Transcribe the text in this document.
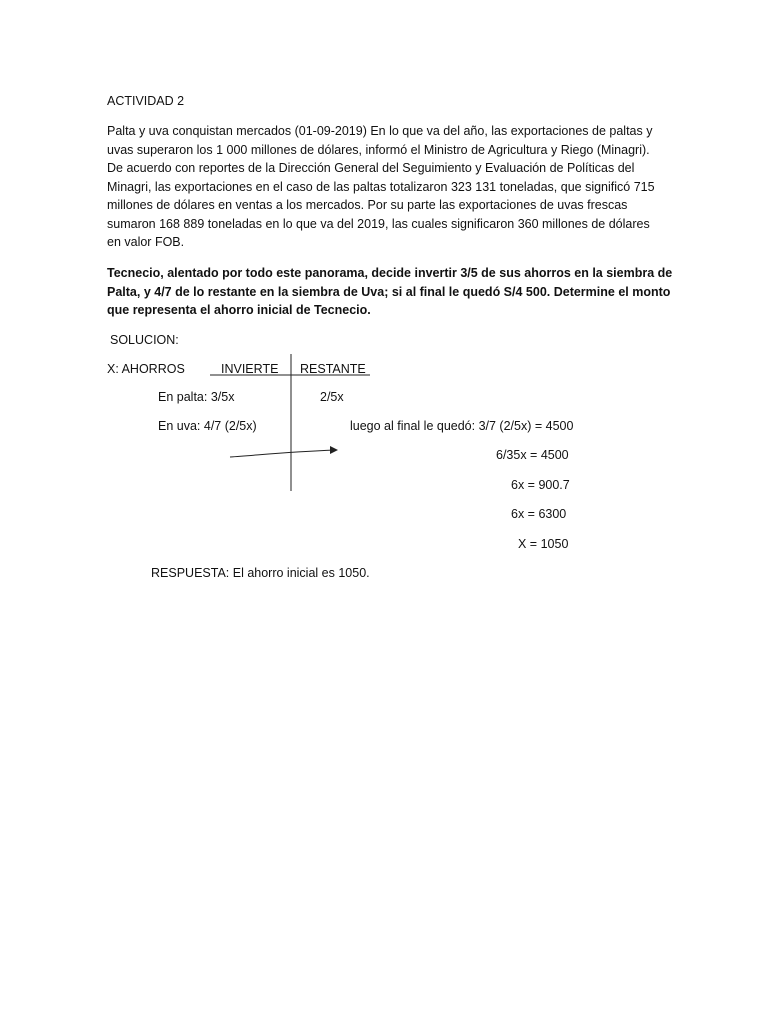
ACTIVIDAD 2
Palta y uva conquistan mercados (01-09-2019) En lo que va del año, las exportaciones de paltas y
uvas superaron los 1 000 millones de dólares, informó el Ministro de Agricultura y Riego (Minagri).
De acuerdo con reportes de la Dirección General del Seguimiento y Evaluación de Políticas del
Minagri, las exportaciones en el caso de las paltas totalizaron 323 131 toneladas, que significó 715
millones de dólares en ventas a los mercados. Por su parte las exportaciones de uvas frescas
sumaron 168 889 toneladas en lo que va del 2019, las cuales significaron 360 millones de dólares
en valor FOB.
Tecnecio, alentado por todo este panorama, decide invertir 3/5 de sus ahorros en la siembra de
Palta, y 4/7 de lo restante en la siembra de Uva; si al final le quedó S/4 500. Determine el monto
que representa el ahorro inicial de Tecnecio.
SOLUCION:
X: AHORROS	INVIERTE RESTANTE
En palta: 3/5x	2/5x
En uva: 4/7 (2/5x)	luego al final le quedó: 3/7 (2/5x) = 4500
6/35x = 4500
6x = 900.7
6x = 6300
X = 1050
RESPUESTA: El ahorro inicial es 1050.
